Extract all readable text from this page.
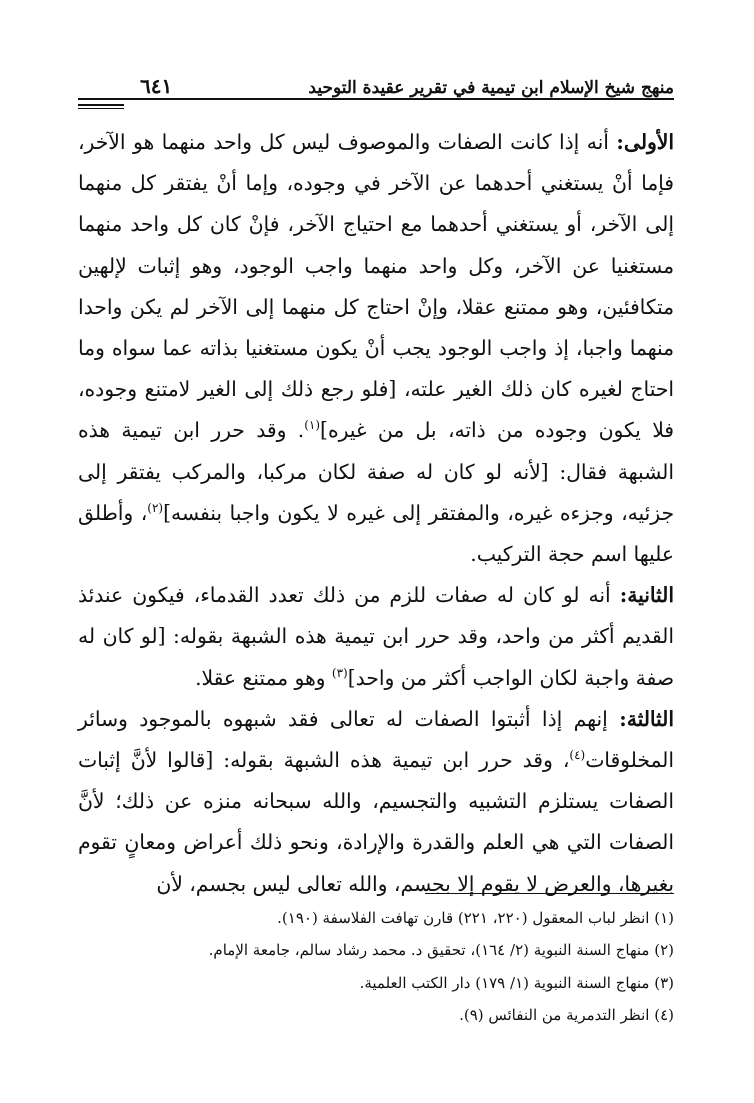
منهج شيخ الإسلام ابن تيمية في تقرير عقيدة التوحيد
٦٤١

الأولى: أنه إذا كانت الصفات والموصوف ليس كل واحد منهما هو الآخر، فإما أنْ يستغني أحدهما عن الآخر في وجوده، وإما أنْ يفتقر كل منهما إلى الآخر، أو يستغني أحدهما مع احتياج الآخر، فإنْ كان كل واحد منهما مستغنيا عن الآخر، وكل واحد منهما واجب الوجود، وهو إثبات لإلهين متكافئين، وهو ممتنع عقلا، وإنْ احتاج كل منهما إلى الآخر لم يكن واحدا منهما واجبا، إذ واجب الوجود يجب أنْ يكون مستغنيا بذاته عما سواه وما احتاج لغيره كان ذلك الغير علته، [فلو رجع ذلك إلى الغير لامتنع وجوده، فلا يكون وجوده من ذاته، بل من غيره]$^{(١)}$. وقد حرر ابن تيمية هذه الشبهة فقال: [لأنه لو كان له صفة لكان مركبا، والمركب يفتقر إلى جزئيه، وجزءه غيره، والمفتقر إلى غيره لا يكون واجبا بنفسه]$^{(٢)}$، وأطلق عليها اسم حجة التركيب.

الثانية: أنه لو كان له صفات للزم من ذلك تعدد القدماء، فيكون عندئذ القديم أكثر من واحد، وقد حرر ابن تيمية هذه الشبهة بقوله: [لو كان له صفة واجبة لكان الواجب أكثر من واحد]$^{(٣)}$ وهو ممتنع عقلا.

الثالثة: إنهم إذا أثبتوا الصفات له تعالى فقد شبهوه بالموجود وسائر المخلوقات$^{(٤)}$، وقد حرر ابن تيمية هذه الشبهة بقوله: [قالوا لأنَّ إثبات الصفات يستلزم التشبيه والتجسيم، والله سبحانه منزه عن ذلك؛ لأنَّ الصفات التي هي العلم والقدرة والإرادة، ونحو ذلك أعراض ومعانٍ تقوم بغيرها، والعرض لا يقوم إلا بجسم، والله تعالى ليس بجسم، لأن

(١) انظر لباب المعقول (٢٢٠، ٢٢١) قارن تهافت الفلاسفة (١٩٠).

(٢) منهاج السنة النبوية (٢/ ١٦٤)، تحقيق د. محمد رشاد سالم، جامعة الإمام.

(٣) منهاج السنة النبوية (١/ ١٧٩) دار الكتب العلمية.

(٤) انظر التدمرية من النفائس (٩).
